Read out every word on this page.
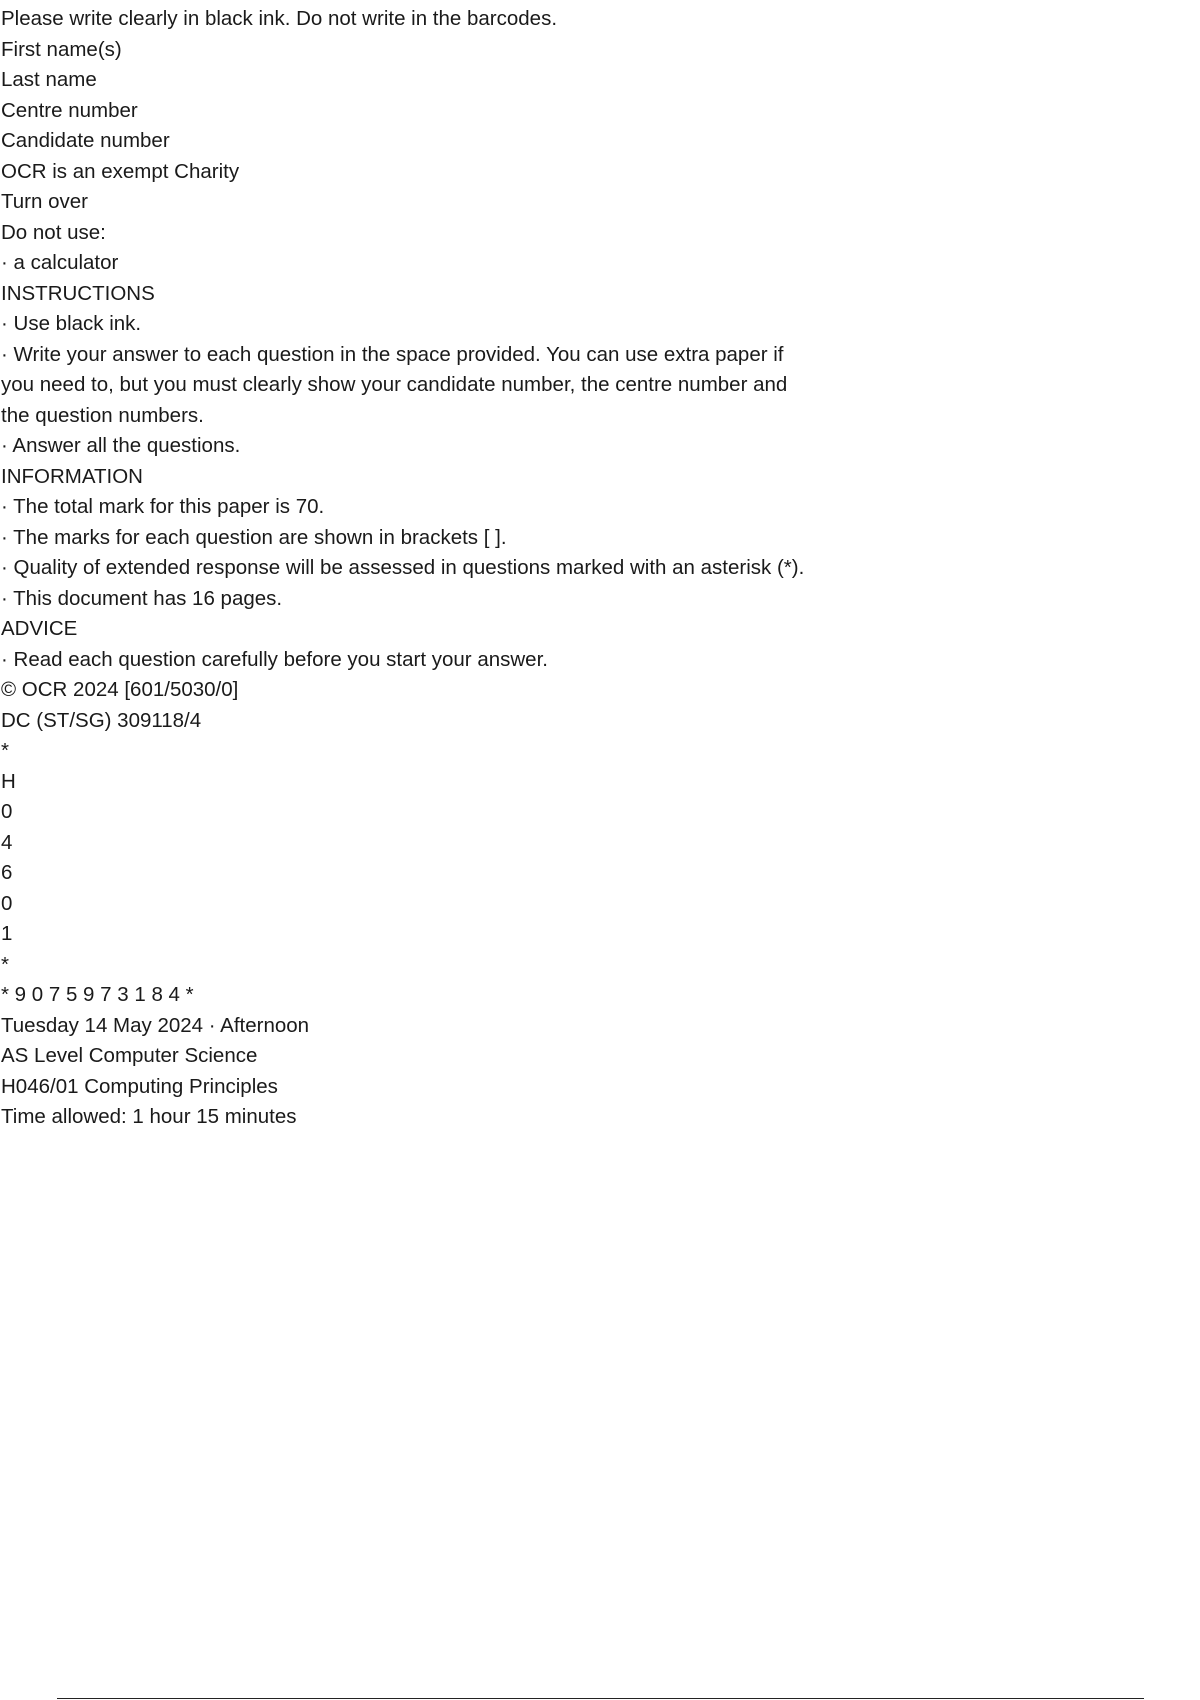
Please write clearly in black ink. Do not write in the barcodes.
First name(s)
Last name
Centre number
Candidate number
OCR is an exempt Charity
Turn over
Do not use:
· a calculator
INSTRUCTIONS
· Use black ink.
· Write your answer to each question in the space provided. You can use extra paper if
you need to, but you must clearly show your candidate number, the centre number and
the question numbers.
· Answer all the questions.
INFORMATION
· The total mark for this paper is 70.
· The marks for each question are shown in brackets [ ].
· Quality of extended response will be assessed in questions marked with an asterisk (*).
· This document has 16 pages.
ADVICE
· Read each question carefully before you start your answer.
© OCR 2024 [601/5030/0]
DC (ST/SG) 309118/4
*
H
0
4
6
0
1
*
* 9 0 7 5 9 7 3 1 8 4 *
Tuesday 14 May 2024 · Afternoon
AS Level Computer Science
H046/01 Computing Principles
Time allowed: 1 hour 15 minutes
